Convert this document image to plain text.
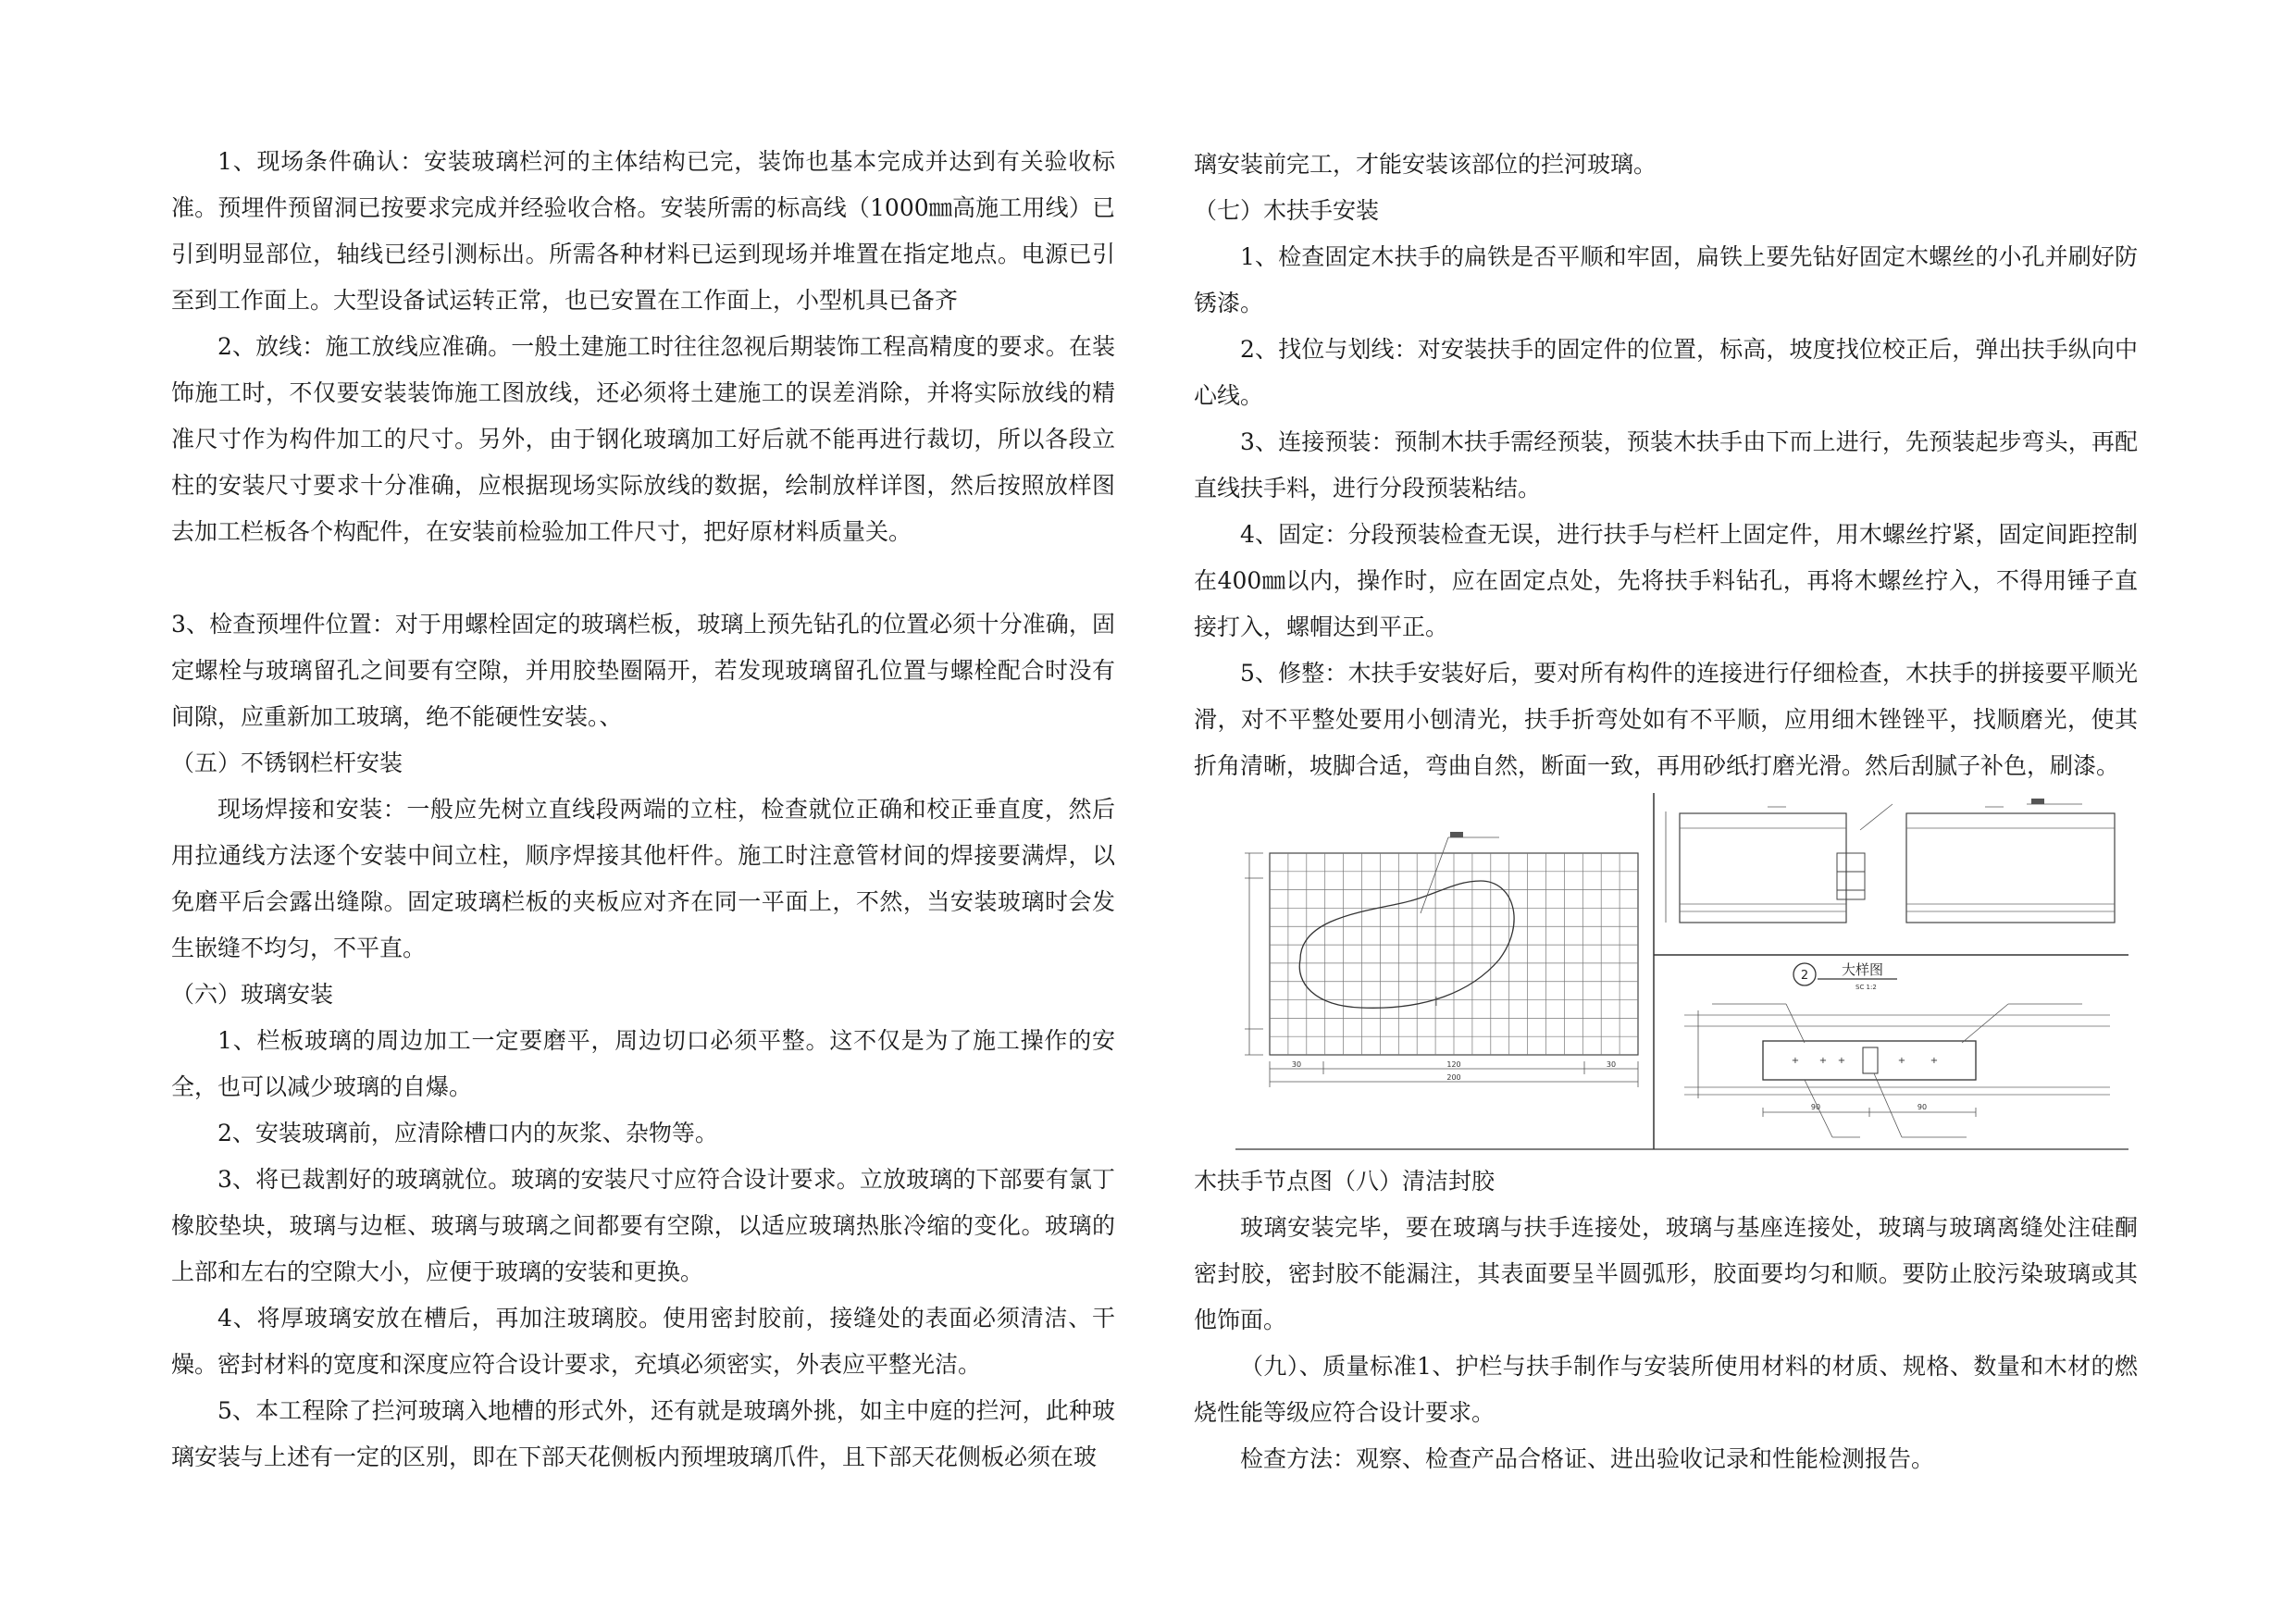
1、现场条件确认：安装玻璃栏河的主体结构已完，装饰也基本完成并达到有关验收标准。预埋件预留洞已按要求完成并经验收合格。安装所需的标高线（1000㎜高施工用线）已引到明显部位，轴线已经引测标出。所需各种材料已运到现场并堆置在指定地点。电源已引至到工作面上。大型设备试运转正常，也已安置在工作面上，小型机具已备齐

2、放线：施工放线应准确。一般土建施工时往往忽视后期装饰工程高精度的要求。在装饰施工时，不仅要安装装饰施工图放线，还必须将土建施工的误差消除，并将实际放线的精准尺寸作为构件加工的尺寸。另外，由于钢化玻璃加工好后就不能再进行裁切，所以各段立柱的安装尺寸要求十分准确，应根据现场实际放线的数据，绘制放样详图，然后按照放样图去加工栏板各个构配件，在安装前检验加工件尺寸，把好原材料质量关。

3、检查预埋件位置：对于用螺栓固定的玻璃栏板，玻璃上预先钻孔的位置必须十分准确，固定螺栓与玻璃留孔之间要有空隙，并用胶垫圈隔开，若发现玻璃留孔位置与螺栓配合时没有间隙，应重新加工玻璃，绝不能硬性安装。、

（五）不锈钢栏杆安装

现场焊接和安装：一般应先树立直线段两端的立柱，检查就位正确和校正垂直度，然后用拉通线方法逐个安装中间立柱，顺序焊接其他杆件。施工时注意管材间的焊接要满焊，以免磨平后会露出缝隙。固定玻璃栏板的夹板应对齐在同一平面上，不然，当安装玻璃时会发生嵌缝不均匀，不平直。

（六）玻璃安装

1、栏板玻璃的周边加工一定要磨平，周边切口必须平整。这不仅是为了施工操作的安全，也可以减少玻璃的自爆。

2、安装玻璃前，应清除槽口内的灰浆、杂物等。

3、将已裁割好的玻璃就位。玻璃的安装尺寸应符合设计要求。立放玻璃的下部要有氯丁橡胶垫块，玻璃与边框、玻璃与玻璃之间都要有空隙，以适应玻璃热胀冷缩的变化。玻璃的上部和左右的空隙大小，应便于玻璃的安装和更换。

4、将厚玻璃安放在槽后，再加注玻璃胶。使用密封胶前，接缝处的表面必须清洁、干燥。密封材料的宽度和深度应符合设计要求，充填必须密实，外表应平整光洁。

5、本工程除了拦河玻璃入地槽的形式外，还有就是玻璃外挑，如主中庭的拦河，此种玻璃安装与上述有一定的区别，即在下部天花侧板内预埋玻璃爪件，且下部天花侧板必须在玻

璃安装前完工，才能安装该部位的拦河玻璃。

（七）木扶手安装

1、检查固定木扶手的扁铁是否平顺和牢固，扁铁上要先钻好固定木螺丝的小孔并刷好防锈漆。

2、找位与划线：对安装扶手的固定件的位置，标高，坡度找位校正后，弹出扶手纵向中心线。

3、连接预装：预制木扶手需经预装，预装木扶手由下而上进行，先预装起步弯头，再配直线扶手料，进行分段预装粘结。

4、固定：分段预装检查无误，进行扶手与栏杆上固定件，用木螺丝拧紧，固定间距控制在400㎜以内，操作时，应在固定点处，先将扶手料钻孔，再将木螺丝拧入，不得用锤子直接打入，螺帽达到平正。

5、修整：木扶手安装好后，要对所有构件的连接进行仔细检查，木扶手的拼接要平顺光滑，对不平整处要用小刨清光，扶手折弯处如有不平顺，应用细木锉锉平，找顺磨光，使其折角清晰，坡脚合适，弯曲自然，断面一致，再用砂纸打磨光滑。然后刮腻子补色，刷漆。

30	120	30
200
2 大样图
SC 1:2
+ + +	+	+
90	90

木扶手节点图（八）清洁封胶

玻璃安装完毕，要在玻璃与扶手连接处，玻璃与基座连接处，玻璃与玻璃离缝处注硅酮密封胶，密封胶不能漏注，其表面要呈半圆弧形，胶面要均匀和顺。要防止胶污染玻璃或其他饰面。

（九）、质量标准1、护栏与扶手制作与安装所使用材料的材质、规格、数量和木材的燃烧性能等级应符合设计要求。

检查方法：观察、检查产品合格证、进出验收记录和性能检测报告。
